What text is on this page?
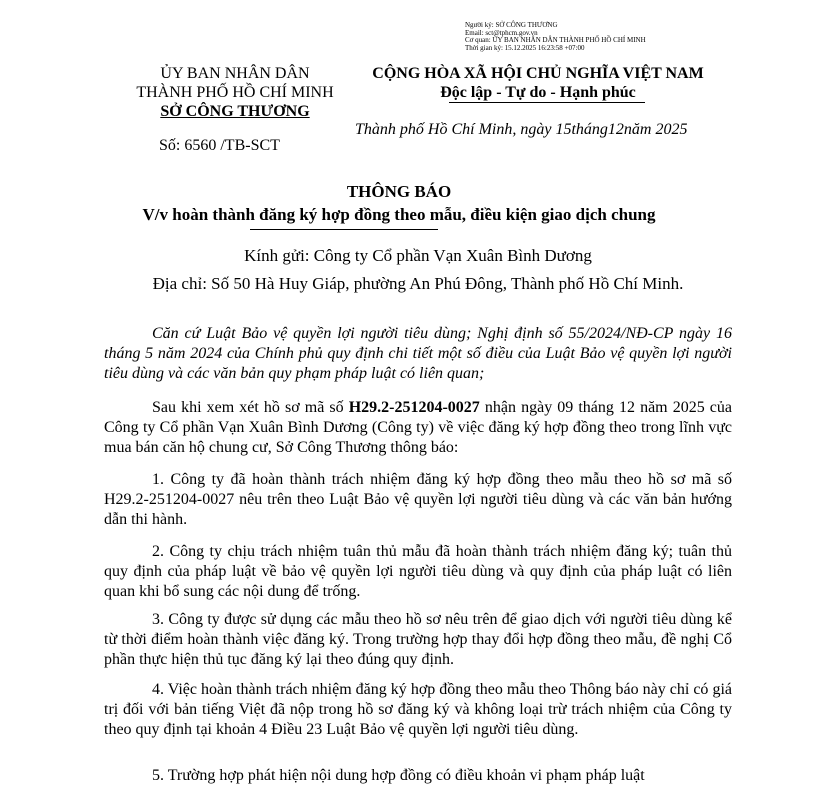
Người ký: SỞ CÔNG THƯƠNG
Email: sct@tphcm.gov.vn
Cơ quan: ỦY BAN NHÂN DÂN THÀNH PHỐ HỒ CHÍ MINH
Thời gian ký: 15.12.2025 16:23:58 +07:00
ỦY BAN NHÂN DÂN
THÀNH PHỐ HỒ CHÍ MINH
SỞ CÔNG THƯƠNG
Số: 6560 /TB-SCT
CỘNG HÒA XÃ HỘI CHỦ NGHĨA VIỆT NAM
Độc lập - Tự do - Hạnh phúc
Thành phố Hồ Chí Minh, ngày 15tháng12năm 2025
THÔNG BÁO
V/v hoàn thành đăng ký hợp đồng theo mẫu, điều kiện giao dịch chung
Kính gửi: Công ty Cổ phần Vạn Xuân Bình Dương
Địa chỉ: Số 50 Hà Huy Giáp, phường An Phú Đông, Thành phố Hồ Chí Minh.
Căn cứ Luật Bảo vệ quyền lợi người tiêu dùng; Nghị định số 55/2024/NĐ-CP ngày 16 tháng 5 năm 2024 của Chính phủ quy định chi tiết một số điều của Luật Bảo vệ quyền lợi người tiêu dùng và các văn bản quy phạm pháp luật có liên quan;
Sau khi xem xét hồ sơ mã số H29.2-251204-0027 nhận ngày 09 tháng 12 năm 2025 của Công ty Cổ phần Vạn Xuân Bình Dương (Công ty) về việc đăng ký hợp đồng theo trong lĩnh vực mua bán căn hộ chung cư, Sở Công Thương thông báo:
1. Công ty đã hoàn thành trách nhiệm đăng ký hợp đồng theo mẫu theo hồ sơ mã số H29.2-251204-0027 nêu trên theo Luật Bảo vệ quyền lợi người tiêu dùng và các văn bản hướng dẫn thi hành.
2. Công ty chịu trách nhiệm tuân thủ mẫu đã hoàn thành trách nhiệm đăng ký; tuân thủ quy định của pháp luật về bảo vệ quyền lợi người tiêu dùng và quy định của pháp luật có liên quan khi bổ sung các nội dung để trống.
3. Công ty được sử dụng các mẫu theo hồ sơ nêu trên để giao dịch với người tiêu dùng kể từ thời điểm hoàn thành việc đăng ký. Trong trường hợp thay đổi hợp đồng theo mẫu, đề nghị Cổ phần thực hiện thủ tục đăng ký lại theo đúng quy định.
4. Việc hoàn thành trách nhiệm đăng ký hợp đồng theo mẫu theo Thông báo này chỉ có giá trị đối với bản tiếng Việt đã nộp trong hồ sơ đăng ký và không loại trừ trách nhiệm của Công ty theo quy định tại khoản 4 Điều 23 Luật Bảo vệ quyền lợi người tiêu dùng.
5. Trường hợp phát hiện nội dung hợp đồng có điều khoản vi phạm pháp luật
